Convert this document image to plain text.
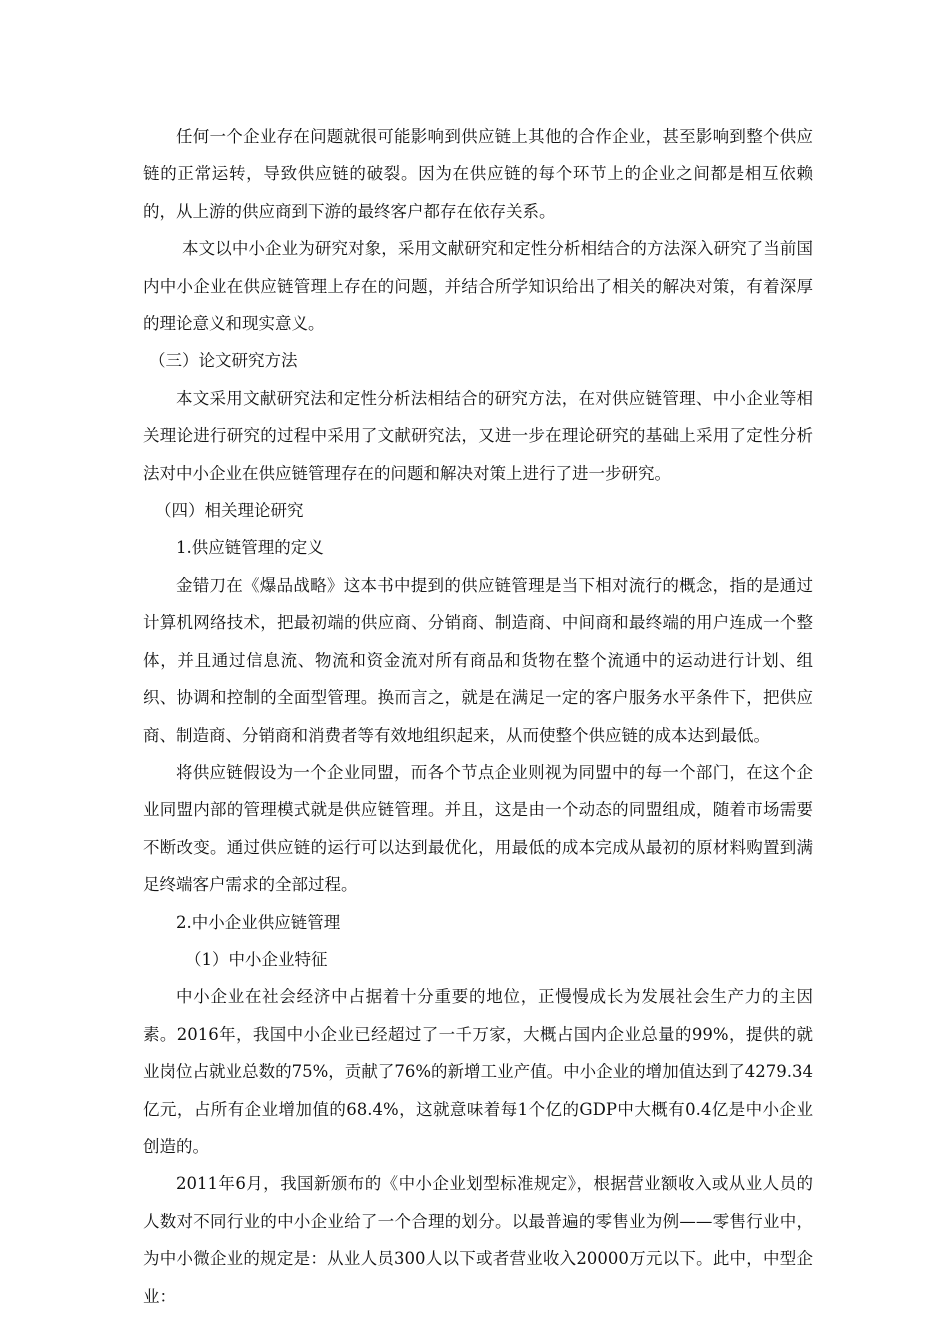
任何一个企业存在问题就很可能影响到供应链上其他的合作企业，甚至影响到整个供应链的正常运转，导致供应链的破裂。因为在供应链的每个环节上的企业之间都是相互依赖的，从上游的供应商到下游的最终客户都存在依存关系。

本文以中小企业为研究对象，采用文献研究和定性分析相结合的方法深入研究了当前国内中小企业在供应链管理上存在的问题，并结合所学知识给出了相关的解决对策，有着深厚的理论意义和现实意义。

（三）论文研究方法

本文采用文献研究法和定性分析法相结合的研究方法，在对供应链管理、中小企业等相关理论进行研究的过程中采用了文献研究法，又进一步在理论研究的基础上采用了定性分析法对中小企业在供应链管理存在的问题和解决对策上进行了进一步研究。

（四）相关理论研究

1.供应链管理的定义

金错刀在《爆品战略》这本书中提到的供应链管理是当下相对流行的概念，指的是通过计算机网络技术，把最初端的供应商、分销商、制造商、中间商和最终端的用户连成一个整体，并且通过信息流、物流和资金流对所有商品和货物在整个流通中的运动进行计划、组织、协调和控制的全面型管理。换而言之，就是在满足一定的客户服务水平条件下，把供应商、制造商、分销商和消费者等有效地组织起来，从而使整个供应链的成本达到最低。

将供应链假设为一个企业同盟，而各个节点企业则视为同盟中的每一个部门，在这个企业同盟内部的管理模式就是供应链管理。并且，这是由一个动态的同盟组成，随着市场需要不断改变。通过供应链的运行可以达到最优化，用最低的成本完成从最初的原材料购置到满足终端客户需求的全部过程。

2.中小企业供应链管理

（1）中小企业特征

中小企业在社会经济中占据着十分重要的地位，正慢慢成长为发展社会生产力的主因素。2016年，我国中小企业已经超过了一千万家，大概占国内企业总量的99%，提供的就业岗位占就业总数的75%，贡献了76%的新增工业产值。中小企业的增加值达到了4279.34亿元，占所有企业增加值的68.4%，这就意味着每1个亿的GDP中大概有0.4亿是中小企业创造的。

2011年6月，我国新颁布的《中小企业划型标准规定》，根据营业额收入或从业人员的人数对不同行业的中小企业给了一个合理的划分。以最普遍的零售业为例——零售行业中，为中小微企业的规定是：从业人员300人以下或者营业收入20000万元以下。此中，中型企业：
